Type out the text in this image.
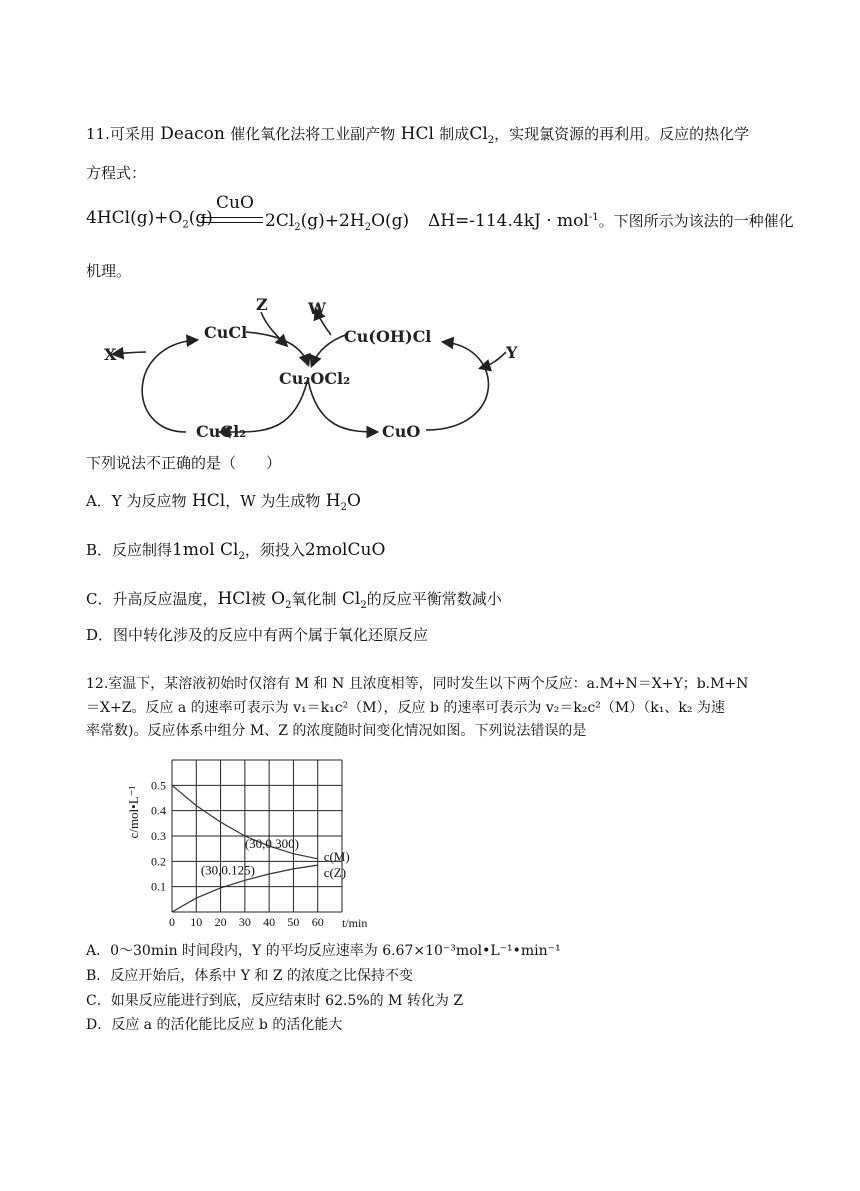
11.可采用 Deacon 催化氧化法将工业副产物 HCl 制成$Cl_2$，实现氯资源的再利用。反应的热化学
方程式：
CuO
$4HCl(g)+O_2(g)$	$2Cl_2(g)+2H_2O(g) \Delta H=-114.4kJ \cdot mol^{-1}$。下图所示为该法的一种催化
机理。
CuCl	Cu(OH)Cl
Cu₂OCl₂
CuCl₂	CuO
Z	W
X	Y
下列说法不正确的是（　　）
A．Y 为反应物 HCl，W 为生成物 $H_2O$
B．反应制得1mol $Cl_2$，须投入2molCuO
C．升高反应温度，HCl被 $O_2$氧化制 $Cl_2$的反应平衡常数减小
D．图中转化涉及的反应中有两个属于氧化还原反应
12.室温下，某溶液初始时仅溶有 M 和 N 且浓度相等，同时发生以下两个反应：a.M+N＝X+Y；b.M+N
＝X+Z。反应 a 的速率可表示为 v₁＝k₁c²（M），反应 b 的速率可表示为 v₂＝k₂c²（M）（k₁、k₂ 为速
率常数)。反应体系中组分 M、Z 的浓度随时间变化情况如图。下列说法错误的是
0 10 20 30 40 50 60
0.1
0.2
0.3
0.4
0.5
c(M)
c(Z)
(30,0.300)
(30,0.125)
c/mol•L⁻¹
t/min
A．0～30min 时间段内，Y 的平均反应速率为 6.67×10⁻³mol•L⁻¹•min⁻¹
B．反应开始后，体系中 Y 和 Z 的浓度之比保持不变
C．如果反应能进行到底，反应结束时 62.5%的 M 转化为 Z
D．反应 a 的活化能比反应 b 的活化能大
